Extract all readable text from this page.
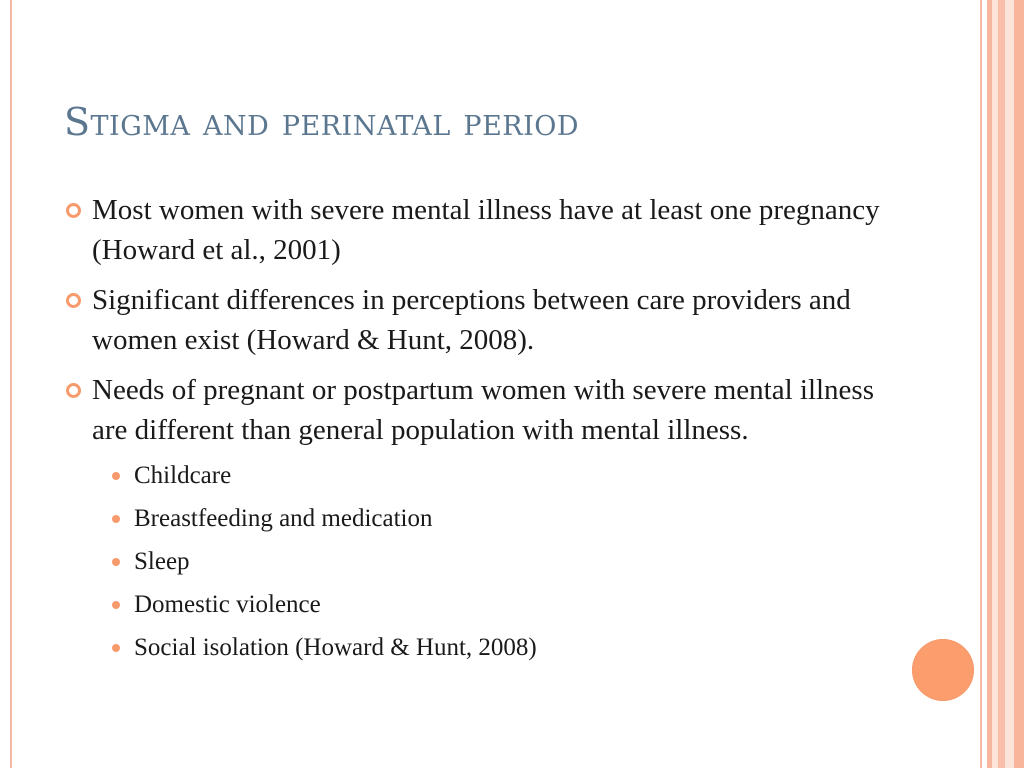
Stigma and perinatal period
Most women with severe mental illness have at least one pregnancy (Howard et al., 2001)
Significant differences in perceptions between care providers and women exist (Howard & Hunt, 2008).
Needs of pregnant or postpartum women with severe mental illness are different than general population with mental illness.
Childcare
Breastfeeding and medication
Sleep
Domestic violence
Social isolation (Howard & Hunt, 2008)
